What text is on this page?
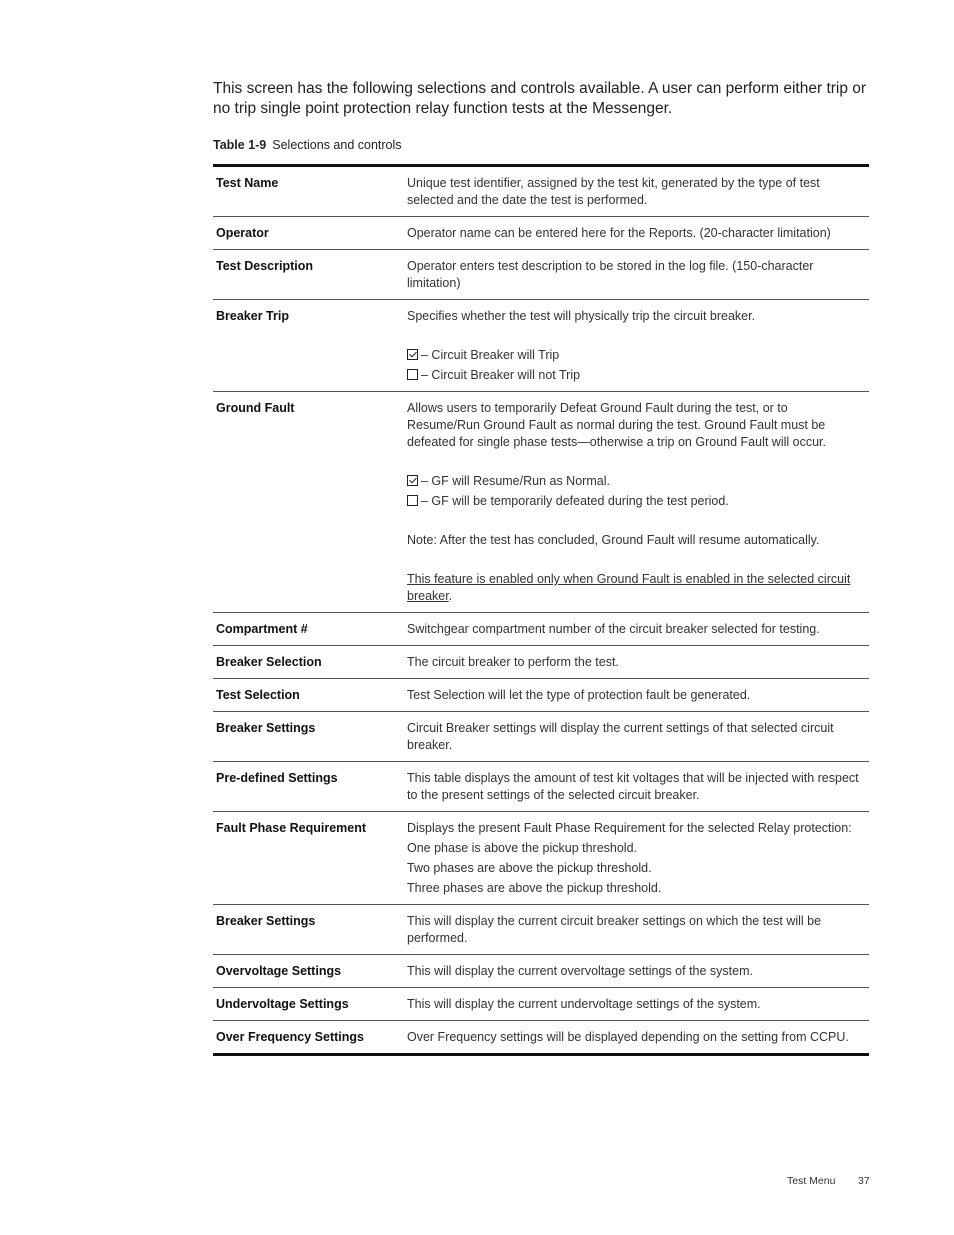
This screen has the following selections and controls available. A user can perform either trip or no trip single point protection relay function tests at the Messenger.
Table 1-9 Selections and controls
Test Name	Unique test identifier, assigned by the test kit, generated by the type of test selected and the date the test is performed.
Operator	Operator name can be entered here for the Reports. (20-character limitation)
Test Description	Operator enters test description to be stored in the log file. (150-character limitation)
Breaker Trip	Specifies whether the test will physically trip the circuit breaker.

– Circuit Breaker will Trip

– Circuit Breaker will not Trip

Ground Fault	Allows users to temporarily Defeat Ground Fault during the test, or to Resume/Run Ground Fault as normal during the test. Ground Fault must be defeated for single phase tests—otherwise a trip on Ground Fault will occur.

– GF will Resume/Run as Normal.

– GF will be temporarily defeated during the test period.

Note: After the test has concluded, Ground Fault will resume automatically.

This feature is enabled only when Ground Fault is enabled in the selected circuit breaker.

Compartment #	Switchgear compartment number of the circuit breaker selected for testing.
Breaker Selection	The circuit breaker to perform the test.
Test Selection	Test Selection will let the type of protection fault be generated.
Breaker Settings	Circuit Breaker settings will display the current settings of that selected circuit breaker.
Pre-defined Settings	This table displays the amount of test kit voltages that will be injected with respect to the present settings of the selected circuit breaker.
Fault Phase Requirement	Displays the present Fault Phase Requirement for the selected Relay protection:

One phase is above the pickup threshold.

Two phases are above the pickup threshold.

Three phases are above the pickup threshold.

Breaker Settings	This will display the current circuit breaker settings on which the test will be performed.
Overvoltage Settings	This will display the current overvoltage settings of the system.
Undervoltage Settings	This will display the current undervoltage settings of the system.
Over Frequency Settings	Over Frequency settings will be displayed depending on the setting from CCPU.
Test Menu 37
